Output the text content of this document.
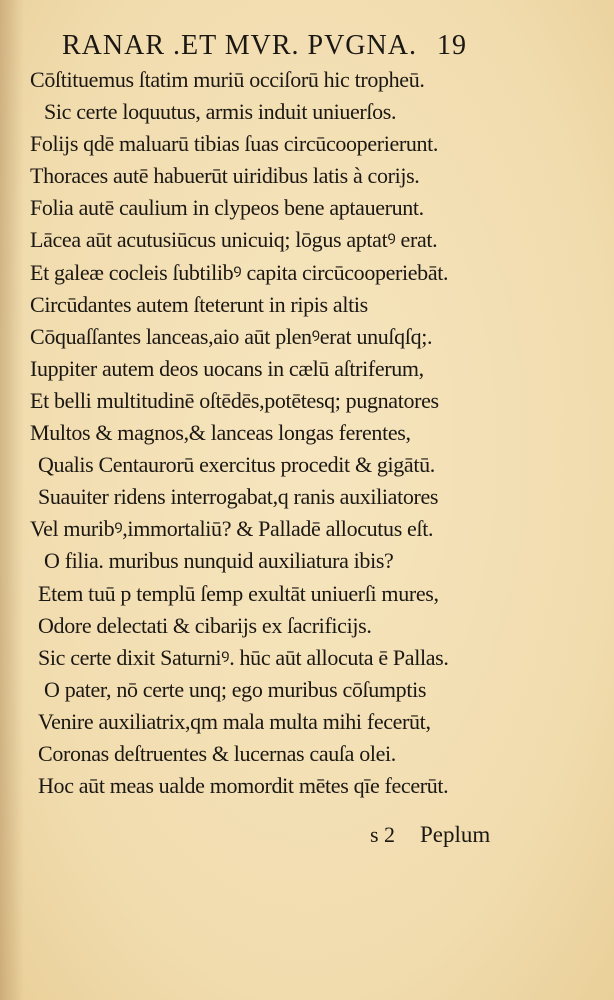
RANAR .ET MVR. PVGNA. 19
Cōſtituemus ſtatim muriū occiſorū hic tropheū.
Sic certe loquutus, armis induit uniuerſos.
Folijs qdē maluarū tibias ſuas circūcooperierunt.
Thoraces autē habuerūt uiridibus latis à corijs.
Folia autē caulium in clypeos bene aptauerunt.
Lācea aūt acutusiūcus unicuiq; lōgus aptatꝰ erat.
Et galeæ cocleis ſubtilibꝰ capita circūcooperiebāt.
Circūdantes autem ſteterunt in ripis altis
Cōquaſſantes lanceas,aio aūt plenꝰerat unuſqſq;.
Iuppiter autem deos uocans in cælū aſtriferum,
Et belli multitudinē oſtēdēs,potētesq; pugnatores
Multos & magnos,& lanceas longas ferentes,
Qualis Centaurorū exercitus procedit & gigātū.
Suauiter ridens interrogabat,q ranis auxiliatores
Vel muribꝰ,immortaliū? & Palladē allocutus eſt.
O filia. muribus nunquid auxiliatura ibis?
Etem tuū p templū ſemp exultāt uniuerſi mures,
Odore delectati & cibarijs ex ſacrificijs.
Sic certe dixit Saturniꝰ. hūc aūt allocuta ē Pallas.
O pater, nō certe unq; ego muribus cōſumptis
Venire auxiliatrix,qm mala multa mihi fecerūt,
Coronas deſtruentes & lucernas cauſa olei.
Hoc aūt meas ualde momordit mētes qīe fecerūt.
s 2 Peplum
